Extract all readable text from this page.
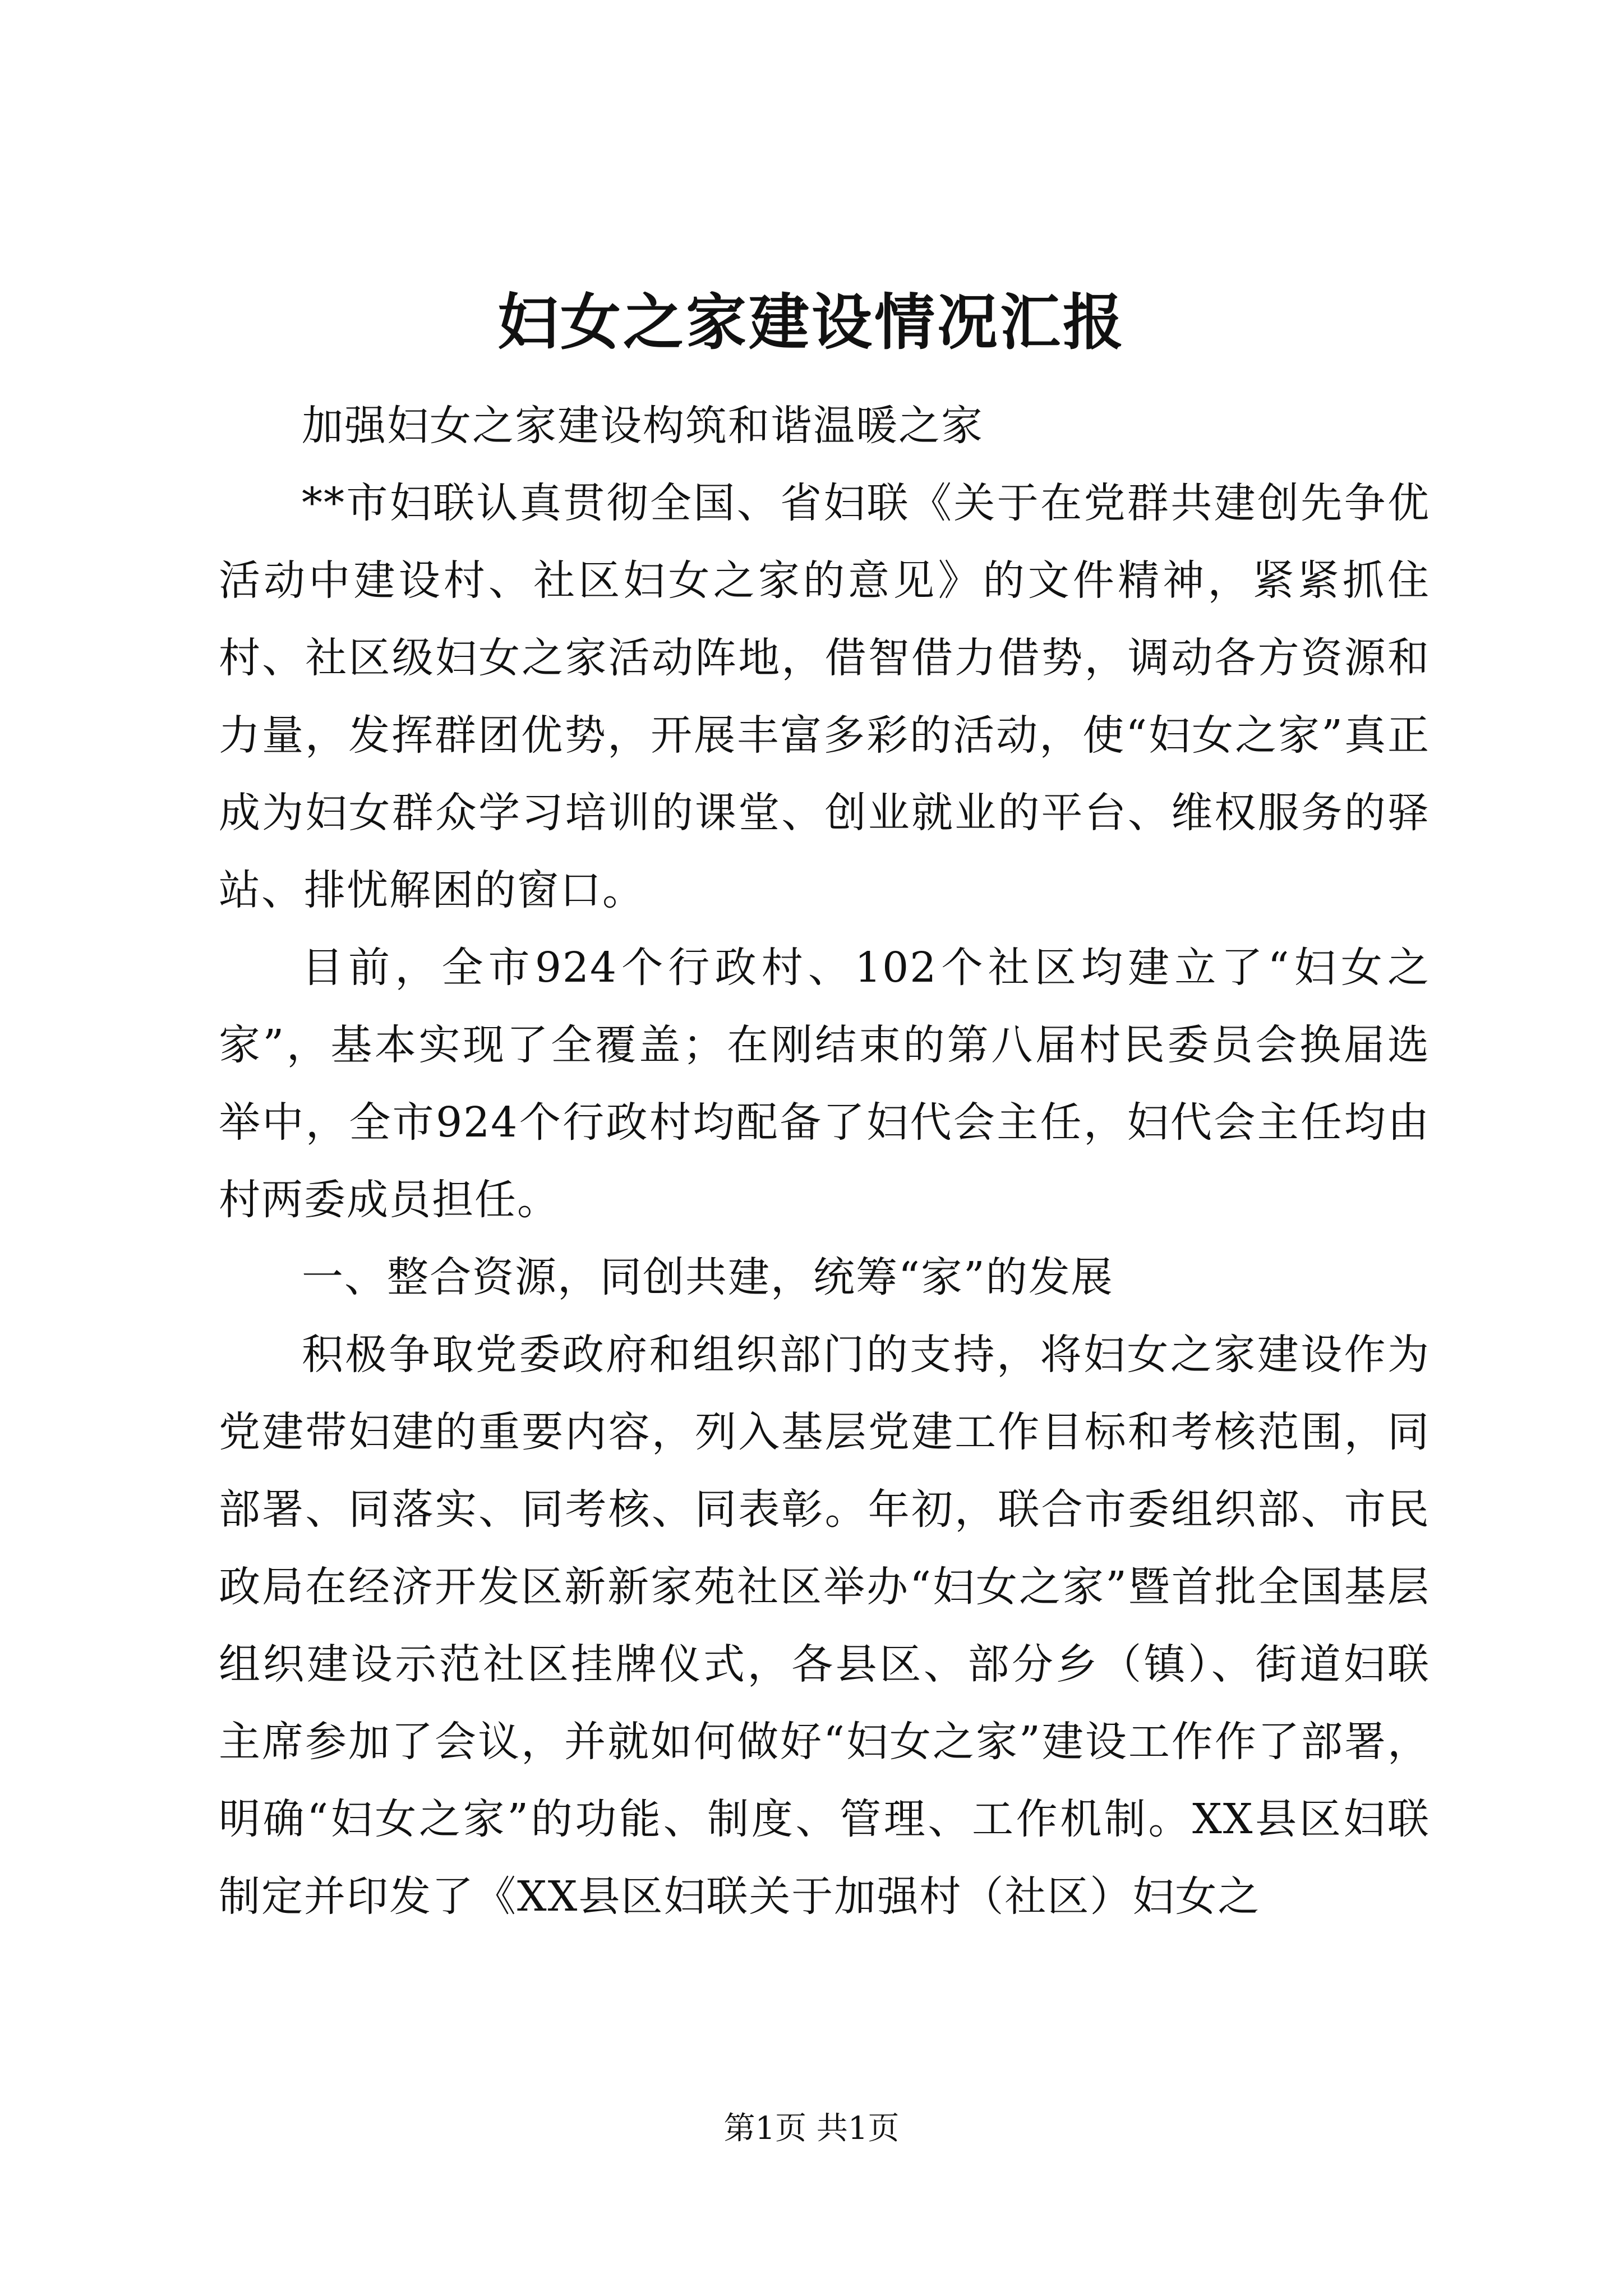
妇女之家建设情况汇报

加强妇女之家建设构筑和谐温暖之家

**市妇联认真贯彻全国、省妇联《关于在党群共建创先争优活动中建设村、社区妇女之家的意见》的文件精神，紧紧抓住村、社区级妇女之家活动阵地，借智借力借势，调动各方资源和力量，发挥群团优势，开展丰富多彩的活动，使“妇女之家”真正成为妇女群众学习培训的课堂、创业就业的平台、维权服务的驿站、排忧解困的窗口。

目前，全市924个行政村、102个社区均建立了“妇女之家”，基本实现了全覆盖；在刚结束的第八届村民委员会换届选举中，全市924个行政村均配备了妇代会主任，妇代会主任均由村两委成员担任。

一、整合资源，同创共建，统筹“家”的发展

积极争取党委政府和组织部门的支持，将妇女之家建设作为党建带妇建的重要内容，列入基层党建工作目标和考核范围，同部署、同落实、同考核、同表彰。年初，联合市委组织部、市民政局在经济开发区新新家苑社区举办“妇女之家”暨首批全国基层组织建设示范社区挂牌仪式，各县区、部分乡（镇）、街道妇联主席参加了会议，并就如何做好“妇女之家”建设工作作了部署，明确“妇女之家”的功能、制度、管理、工作机制。XX县区妇联制定并印发了《XX县区妇联关于加强村（社区）妇女之

第1页 共1页
